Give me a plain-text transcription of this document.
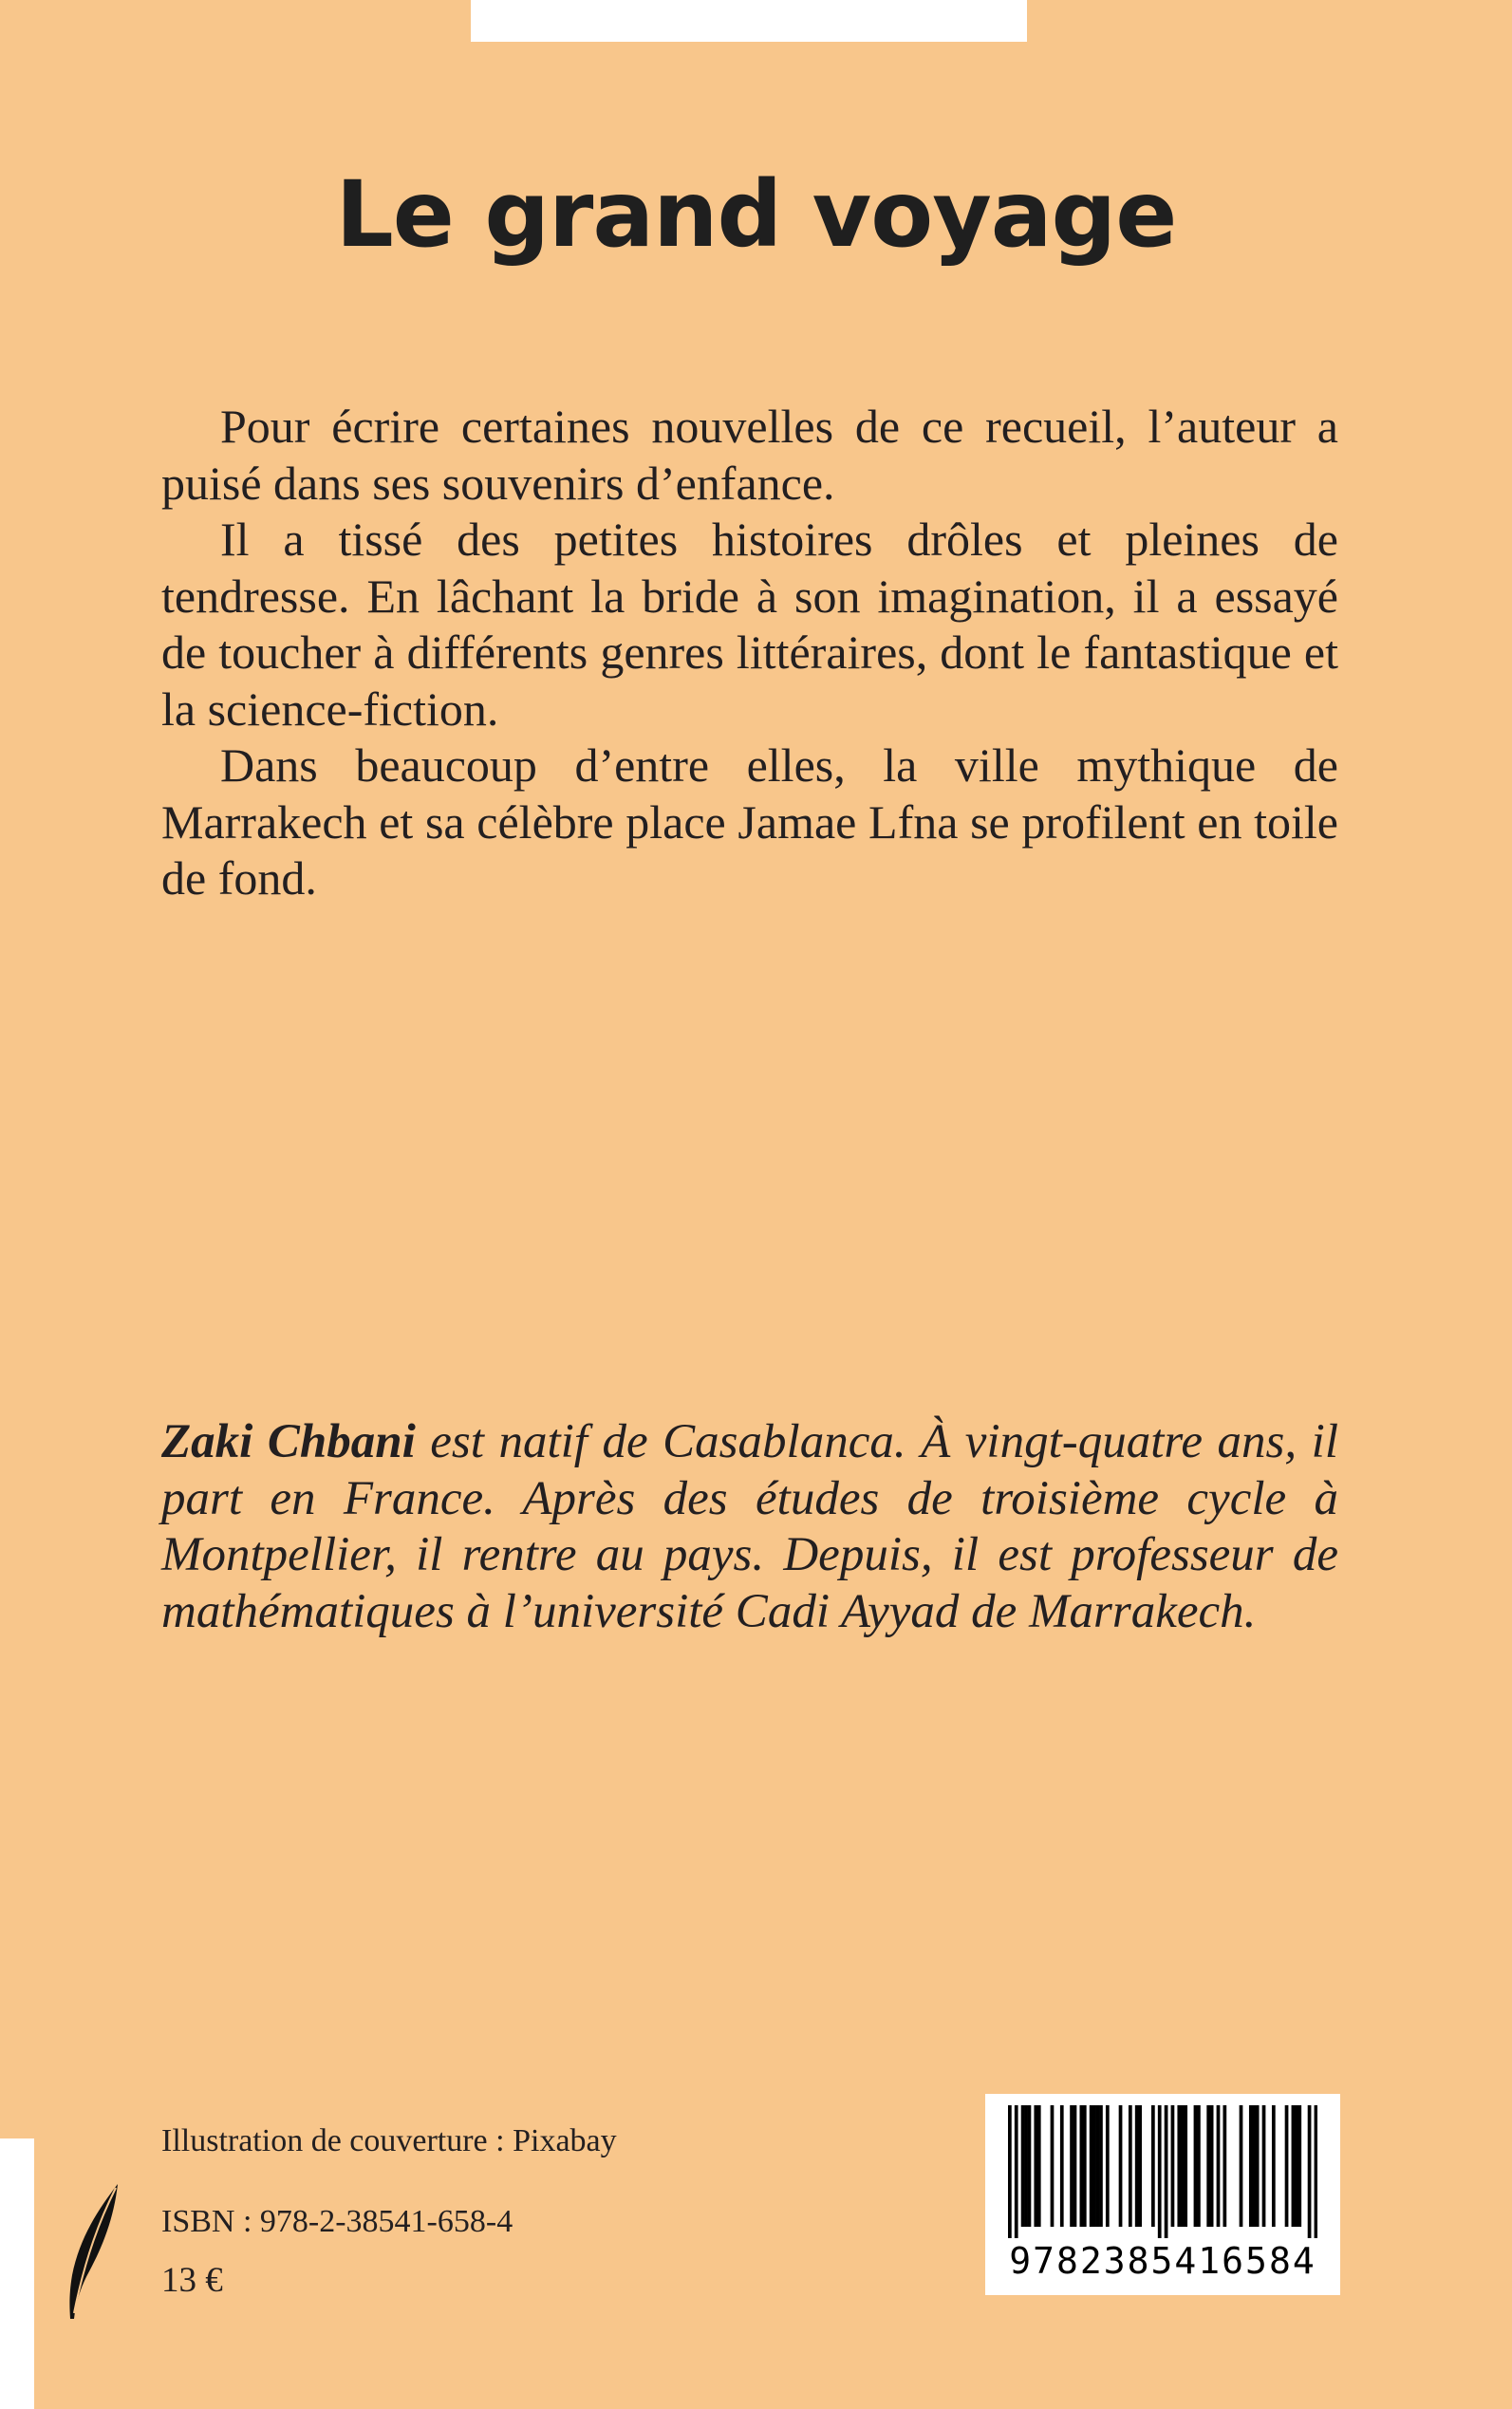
Le grand voyage

Pour écrire certaines nouvelles de ce recueil, l’auteur a puisé dans ses souvenirs d’enfance.

Il a tissé des petites histoires drôles et pleines de tendresse. En lâchant la bride à son imagination, il a essayé de toucher à différents genres littéraires, dont le fantastique et la science-fiction.

Dans beaucoup d’entre elles, la ville mythique de Marrakech et sa célèbre place Jamae Lfna se profilent en toile de fond.

Zaki Chbani est natif de Casablanca. À vingt-quatre ans, il part en France. Après des études de troisième cycle à Montpellier, il rentre au pays. Depuis, il est professeur de mathématiques à l’université Cadi Ayyad de Marrakech.

Illustration de couverture : Pixabay
ISBN : 978-2-38541-658-4
13 €	9782385416584
